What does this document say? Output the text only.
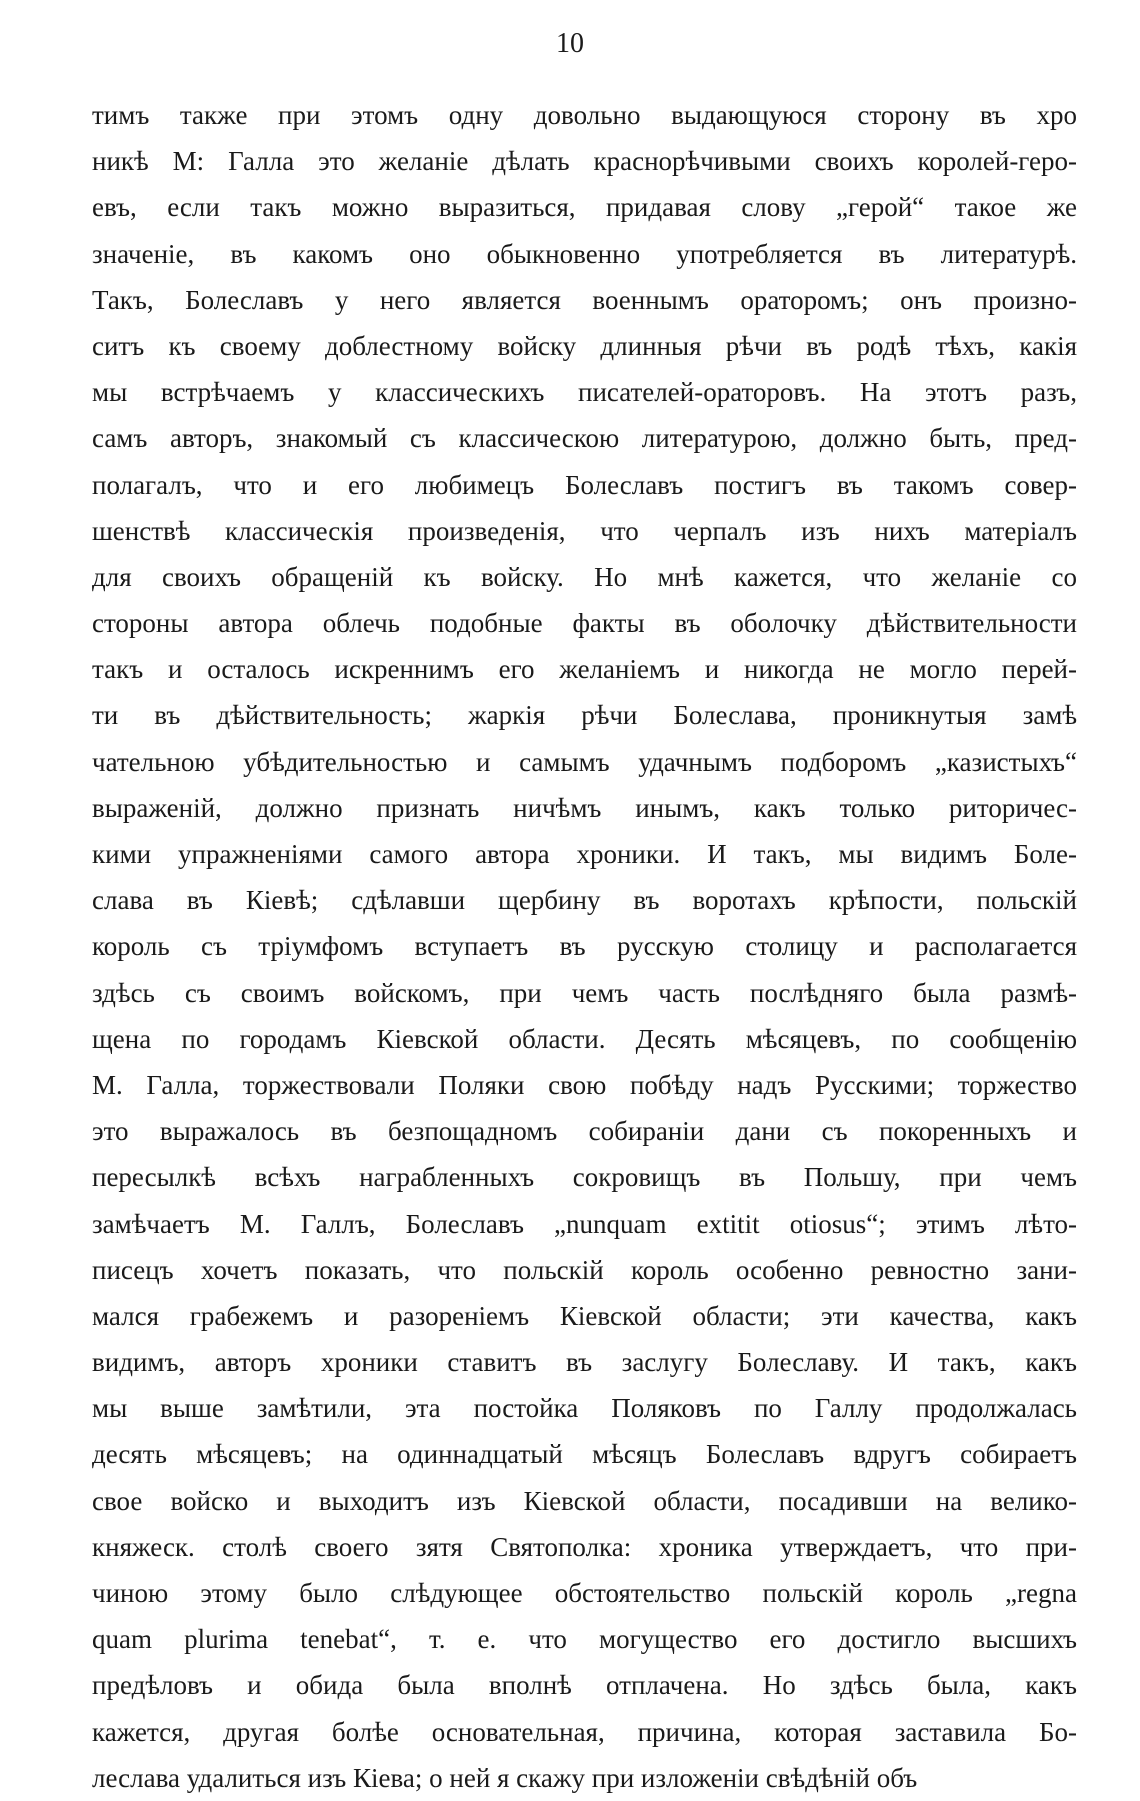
10
тимъ также при этомъ одну довольно выдающуюся сторону въ хро
никѣ М: Галла это желаніе дѣлать краснорѣчивыми своихъ королей-геро-
евъ, если такъ можно выразиться, придавая слову „герой“ такое же
значеніе, въ какомъ оно обыкновенно употребляется въ литературѣ.
Такъ, Болеславъ у него является военнымъ ораторомъ; онъ произно-
ситъ къ своему доблестному войску длинныя рѣчи въ родѣ тѣхъ, какія
мы встрѣчаемъ у классическихъ писателей-ораторовъ. На этотъ разъ,
самъ авторъ, знакомый съ классическою литературою, должно быть, пред-
полагалъ, что и его любимецъ Болеславъ постигъ въ такомъ совер-
шенствѣ классическія произведенія, что черпалъ изъ нихъ матеріалъ
для своихъ обращеній къ войску. Но мнѣ кажется, что желаніе со
стороны автора облечь подобные факты въ оболочку дѣйствительности
такъ и осталось искреннимъ его желаніемъ и никогда не могло перей-
ти въ дѣйствительность; жаркія рѣчи Болеслава, проникнутыя замѣ
чательною убѣдительностью и самымъ удачнымъ подборомъ „казистыхъ“
выраженій, должно признать ничѣмъ инымъ, какъ только риторичес-
кими упражненіями самого автора хроники. И такъ, мы видимъ Боле-
слава въ Кіевѣ; сдѣлавши щербину въ воротахъ крѣпости, польскій
король съ тріумфомъ вступаетъ въ русскую столицу и располагается
здѣсь съ своимъ войскомъ, при чемъ часть послѣдняго была размѣ-
щена по городамъ Кіевской области. Десять мѣсяцевъ, по сообщенію
М. Галла, торжествовали Поляки свою побѣду надъ Русскими; торжество
это выражалось въ безпощадномъ собираніи дани съ покоренныхъ и
пересылкѣ всѣхъ награбленныхъ сокровищъ въ Польшу, при чемъ
замѣчаетъ М. Галлъ, Болеславъ „nunquam extitit otiosus“; этимъ лѣто-
писецъ хочетъ показать, что польскій король особенно ревностно зани-
мался грабежемъ и разореніемъ Кіевской области; эти качества, какъ
видимъ, авторъ хроники ставитъ въ заслугу Болеславу. И такъ, какъ
мы выше замѣтили, эта постойка Поляковъ по Галлу продолжалась
десять мѣсяцевъ; на одиннадцатый мѣсяцъ Болеславъ вдругъ собираетъ
свое войско и выходитъ изъ Кіевской области, посадивши на велико-
княжеск. столѣ своего зятя Святополка: хроника утверждаетъ, что при-
чиною этому было слѣдующее обстоятельство польскій король „regna
quam plurima tenebat“, т. е. что могущество его достигло высшихъ
предѣловъ и обида была вполнѣ отплачена. Но здѣсь была, какъ
кажется, другая болѣе основательная, причина, которая заставила Бо-
леслава удалиться изъ Кіева; о ней я скажу при изложеніи свѣдѣній объ
